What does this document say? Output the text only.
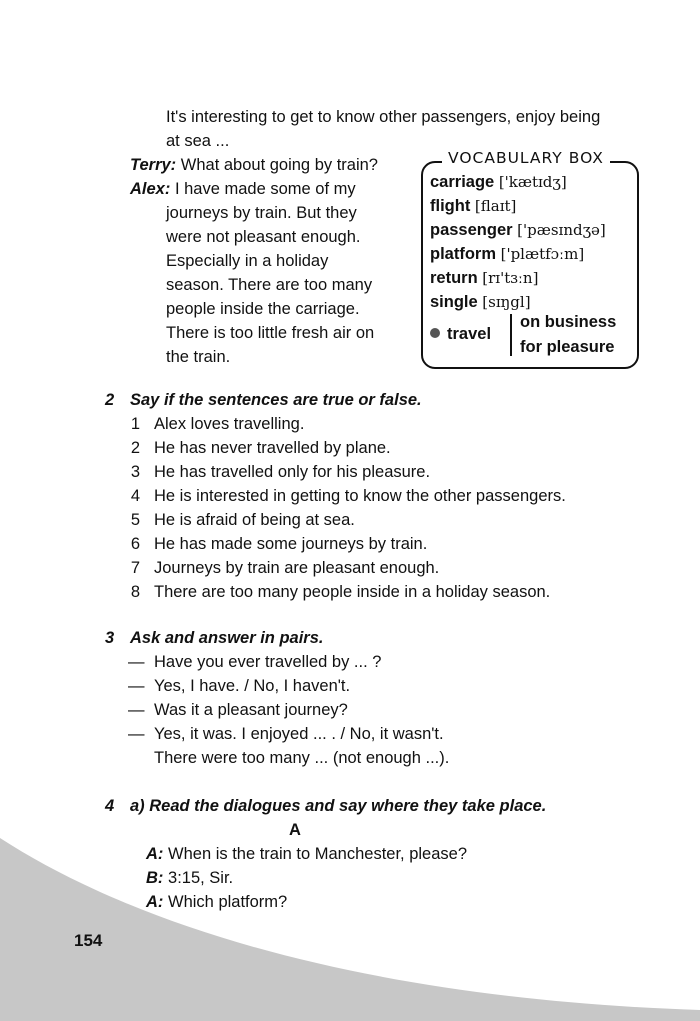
It's interesting to get to know other passengers, enjoy being
at sea ...
Terry: What about going by train?
Alex: I have made some of my
journeys by train. But they
were not pleasant enough.
Especially in a holiday
season. There are too many
people inside the carriage.
There is too little fresh air on
the train.
VOCABULARY BOX
carriage ['kætɪdʒ]
flight [flaɪt]
passenger ['pæsɪndʒə]
platform ['plætfɔːm]
return [rɪ'tɜːn]
single [sɪŋgl]
travel
on business
for pleasure
2 Say if the sentences are true or false.
1 Alex loves travelling.
2 He has never travelled by plane.
3 He has travelled only for his pleasure.
4 He is interested in getting to know the other passengers.
5 He is afraid of being at sea.
6 He has made some journeys by train.
7 Journeys by train are pleasant enough.
8 There are too many people inside in a holiday season.
3 Ask and answer in pairs.
— Have you ever travelled by ... ?
— Yes, I have. / No, I haven't.
— Was it a pleasant journey?
— Yes, it was. I enjoyed ... . / No, it wasn't.
There were too many ... (not enough ...).
4 a) Read the dialogues and say where they take place.
A
A: When is the train to Manchester, please?
B: 3:15, Sir.
A: Which platform?
154
